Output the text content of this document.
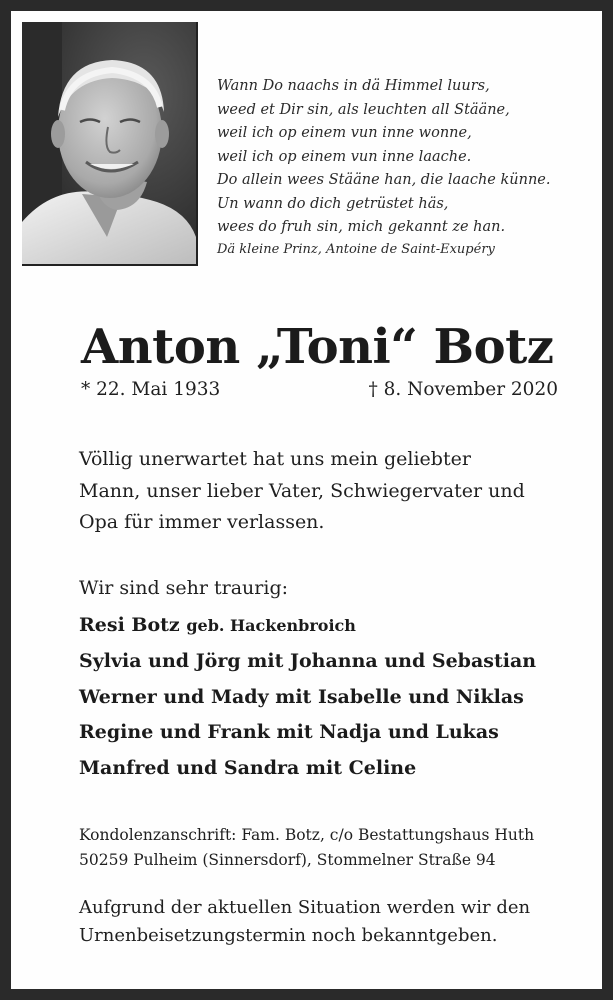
Wann Do naachs in dä Himmel luurs,
weed et Dir sin, als leuchten all Stääne,
weil ich op einem vun inne wonne,
weil ich op einem vun inne laache.
Do allein wees Stääne han, die laache künne.
Un wann do dich getrüstet häs,
wees do fruh sin, mich gekannt ze han.
Dä kleine Prinz, Antoine de Saint-Exupéry
Anton „Toni“ Botz
* 22. Mai 1933	† 8. November 2020
Völlig unerwartet hat uns mein geliebter
Mann, unser lieber Vater, Schwiegervater und
Opa für immer verlassen.
Wir sind sehr traurig:
Resi Botz geb. Hackenbroich
Sylvia und Jörg mit Johanna und Sebastian
Werner und Mady mit Isabelle und Niklas
Regine und Frank mit Nadja und Lukas
Manfred und Sandra mit Celine
Kondolenzanschrift: Fam. Botz, c/o Bestattungshaus Huth
50259 Pulheim (Sinnersdorf), Stommelner Straße 94
Aufgrund der aktuellen Situation werden wir den
Urnenbeisetzungstermin noch bekanntgeben.
